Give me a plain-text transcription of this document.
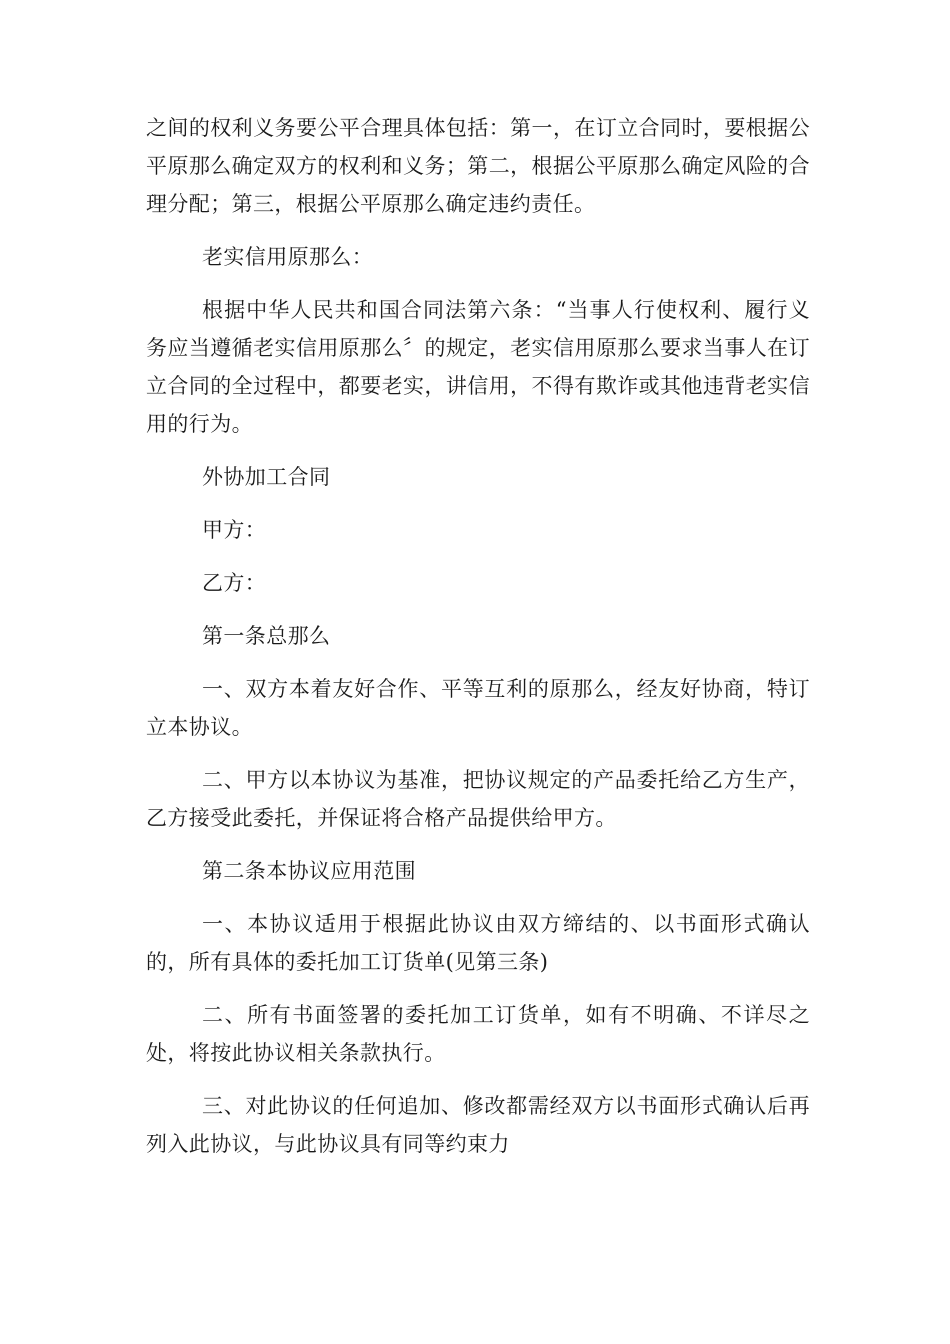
之间的权利义务要公平合理具体包括：第一，在订立合同时，要根据公平原那么确定双方的权利和义务；第二，根据公平原那么确定风险的合理分配；第三，根据公平原那么确定违约责任。

老实信用原那么：

根据中华人民共和国合同法第六条：“当事人行使权利、履行义务应当遵循老实信用原那么〞的规定，老实信用原那么要求当事人在订立合同的全过程中，都要老实，讲信用，不得有欺诈或其他违背老实信用的行为。

外协加工合同

甲方：

乙方：

第一条总那么

一、双方本着友好合作、平等互利的原那么，经友好协商，特订立本协议。

二、甲方以本协议为基准，把协议规定的产品委托给乙方生产，乙方接受此委托，并保证将合格产品提供给甲方。

第二条本协议应用范围

一、本协议适用于根据此协议由双方缔结的、以书面形式确认的，所有具体的委托加工订货单(见第三条)

二、所有书面签署的委托加工订货单，如有不明确、不详尽之处，将按此协议相关条款执行。

三、对此协议的任何追加、修改都需经双方以书面形式确认后再列入此协议，与此协议具有同等约束力
